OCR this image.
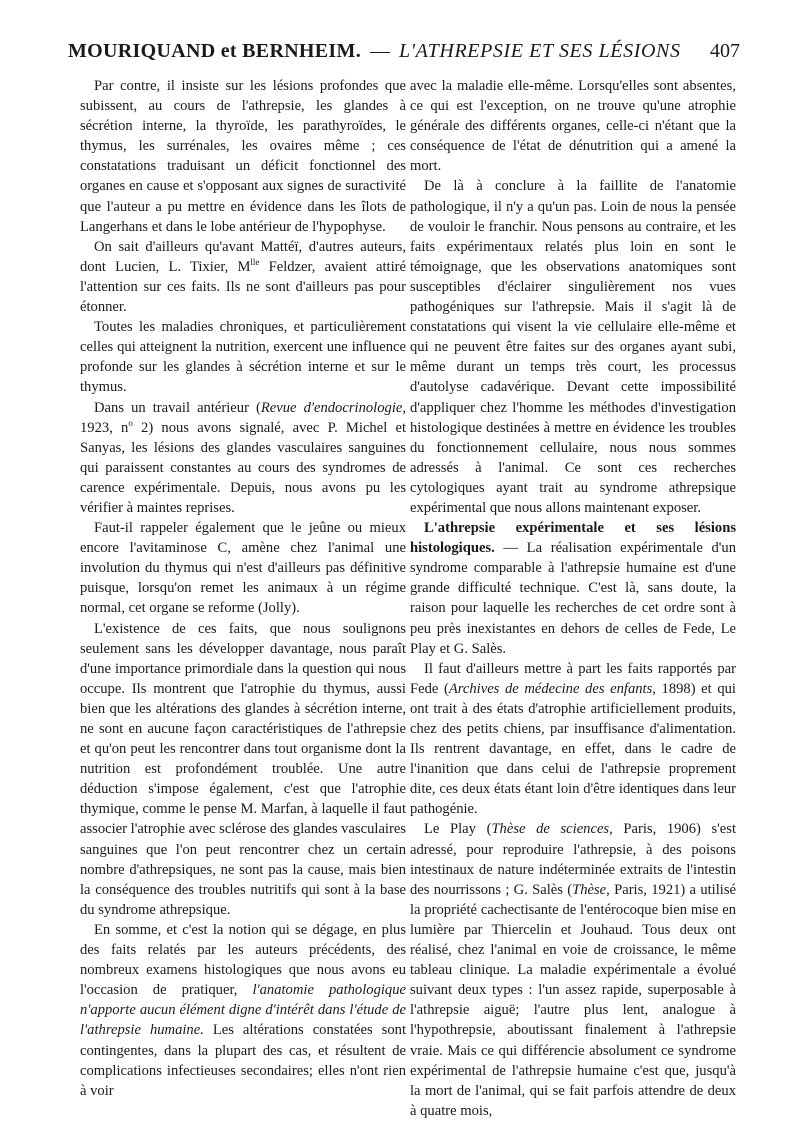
MOURIQUAND et BERNHEIM. — L'ATHREPSIE ET SES LÉSIONS 407

Par contre, il insiste sur les lésions profondes que subissent, au cours de l'athrepsie, les glandes à sécrétion interne, la thyroïde, les parathyroïdes, le thymus, les surrénales, les ovaires même ; ces constatations traduisant un déficit fonctionnel des organes en cause et s'opposant aux signes de suractivité que l'auteur a pu mettre en évidence dans les îlots de Langerhans et dans le lobe antérieur de l'hypophyse.

On sait d'ailleurs qu'avant Mattéï, d'autres auteurs, dont Lucien, L. Tixier, $M^{lle}$ Feldzer, avaient attiré l'attention sur ces faits. Ils ne sont d'ailleurs pas pour étonner.

Toutes les maladies chroniques, et particulièrement celles qui atteignent la nutrition, exercent une influence profonde sur les glandes à sécrétion interne et sur le thymus.

Dans un travail antérieur (Revue d'endocrinologie, 1923, $n^o$ 2) nous avons signalé, avec P. Michel et Sanyas, les lésions des glandes vasculaires sanguines qui paraissent constantes au cours des syndromes de carence expérimentale. Depuis, nous avons pu les vérifier à maintes reprises.

Faut-il rappeler également que le jeûne ou mieux encore l'avitaminose C, amène chez l'animal une involution du thymus qui n'est d'ailleurs pas définitive puisque, lorsqu'on remet les animaux à un régime normal, cet organe se reforme (Jolly).

L'existence de ces faits, que nous soulignons seulement sans les développer davantage, nous paraît d'une importance primordiale dans la question qui nous occupe. Ils montrent que l'atrophie du thymus, aussi bien que les altérations des glandes à sécrétion interne, ne sont en aucune façon caractéristiques de l'athrepsie et qu'on peut les rencontrer dans tout organisme dont la nutrition est profondément troublée. Une autre déduction s'impose également, c'est que l'atrophie thymique, comme le pense M. Marfan, à laquelle il faut associer l'atrophie avec sclérose des glandes vasculaires sanguines que l'on peut rencontrer chez un certain nombre d'athrepsiques, ne sont pas la cause, mais bien la conséquence des troubles nutritifs qui sont à la base du syndrome athrepsique.

En somme, et c'est la notion qui se dégage, en plus des faits relatés par les auteurs précédents, des nombreux examens histologiques que nous avons eu l'occasion de pratiquer, l'anatomie pathologique n'apporte aucun élément digne d'intérêt dans l'étude de l'athrepsie humaine. Les altérations constatées sont contingentes, dans la plupart des cas, et résultent de complications infectieuses secondaires; elles n'ont rien à voir

avec la maladie elle-même. Lorsqu'elles sont absentes, ce qui est l'exception, on ne trouve qu'une atrophie générale des différents organes, celle-ci n'étant que la conséquence de l'état de dénutrition qui a amené la mort.

De là à conclure à la faillite de l'anatomie pathologique, il n'y a qu'un pas. Loin de nous la pensée de vouloir le franchir. Nous pensons au contraire, et les faits expérimentaux relatés plus loin en sont le témoignage, que les observations anatomiques sont susceptibles d'éclairer singulièrement nos vues pathogéniques sur l'athrepsie. Mais il s'agit là de constatations qui visent la vie cellulaire elle-même et qui ne peuvent être faites sur des organes ayant subi, même durant un temps très court, les processus d'autolyse cadavérique. Devant cette impossibilité d'appliquer chez l'homme les méthodes d'investigation histologique destinées à mettre en évidence les troubles du fonctionnement cellulaire, nous nous sommes adressés à l'animal. Ce sont ces recherches cytologiques ayant trait au syndrome athrepsique expérimental que nous allons maintenant exposer.

L'athrepsie expérimentale et ses lésions histologiques. — La réalisation expérimentale d'un syndrome comparable à l'athrepsie humaine est d'une grande difficulté technique. C'est là, sans doute, la raison pour laquelle les recherches de cet ordre sont à peu près inexistantes en dehors de celles de Fede, Le Play et G. Salès.

Il faut d'ailleurs mettre à part les faits rapportés par Fede (Archives de médecine des enfants, 1898) et qui ont trait à des états d'atrophie artificiellement produits, chez des petits chiens, par insuffisance d'alimentation. Ils rentrent davantage, en effet, dans le cadre de l'inanition que dans celui de l'athrepsie proprement dite, ces deux états étant loin d'être identiques dans leur pathogénie.

Le Play (Thèse de sciences, Paris, 1906) s'est adressé, pour reproduire l'athrepsie, à des poisons intestinaux de nature indéterminée extraits de l'intestin des nourrissons ; G. Salès (Thèse, Paris, 1921) a utilisé la propriété cachectisante de l'entérocoque bien mise en lumière par Thiercelin et Jouhaud. Tous deux ont réalisé, chez l'animal en voie de croissance, le même tableau clinique. La maladie expérimentale a évolué suivant deux types : l'un assez rapide, superposable à l'athrepsie aiguë; l'autre plus lent, analogue à l'hypothrepsie, aboutissant finalement à l'athrepsie vraie. Mais ce qui différencie absolument ce syndrome expérimental de l'athrepsie humaine c'est que, jusqu'à la mort de l'animal, qui se fait parfois attendre de deux à quatre mois,
